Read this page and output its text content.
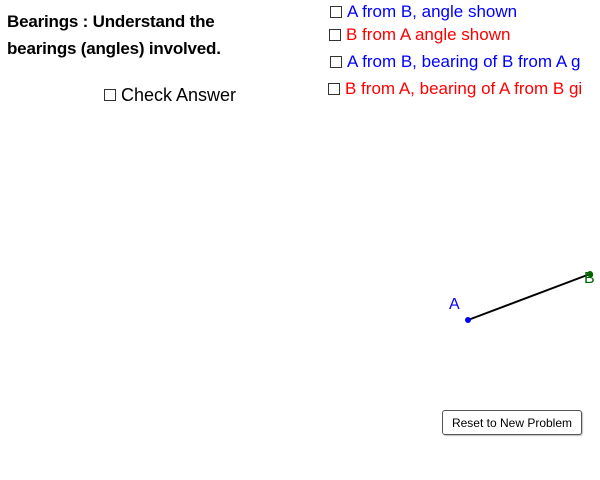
Bearings : Understand the bearings (angles) involved.
Check Answer
A from B, angle shown
B from A angle shown
A from B, bearing of B from A g
B from A, bearing of A from B gi
A
B
Reset to New Problem
